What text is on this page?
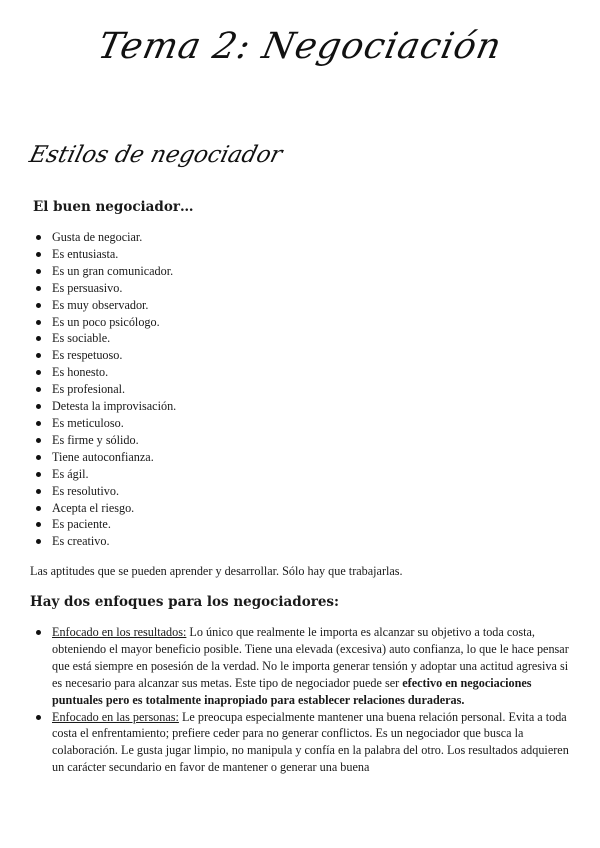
Tema 2: Negociación
Estilos de negociador
El buen negociador…
Gusta de negociar.
Es entusiasta.
Es un gran comunicador.
Es persuasivo.
Es muy observador.
Es un poco psicólogo.
Es sociable.
Es respetuoso.
Es honesto.
Es profesional.
Detesta la improvisación.
Es meticuloso.
Es firme y sólido.
Tiene autoconfianza.
Es ágil.
Es resolutivo.
Acepta el riesgo.
Es paciente.
Es creativo.
Las aptitudes que se pueden aprender y desarrollar. Sólo hay que trabajarlas.
Hay dos enfoques para los negociadores:
Enfocado en los resultados: Lo único que realmente le importa es alcanzar su objetivo a toda costa, obteniendo el mayor beneficio posible. Tiene una elevada (excesiva) auto confianza, lo que le hace pensar que está siempre en posesión de la verdad. No le importa generar tensión y adoptar una actitud agresiva si es necesario para alcanzar sus metas. Este tipo de negociador puede ser efectivo en negociaciones puntuales pero es totalmente inapropiado para establecer relaciones duraderas.
Enfocado en las personas: Le preocupa especialmente mantener una buena relación personal. Evita a toda costa el enfrentamiento; prefiere ceder para no generar conflictos. Es un negociador que busca la colaboración. Le gusta jugar limpio, no manipula y confía en la palabra del otro. Los resultados adquieren un carácter secundario en favor de mantener o generar una buena
